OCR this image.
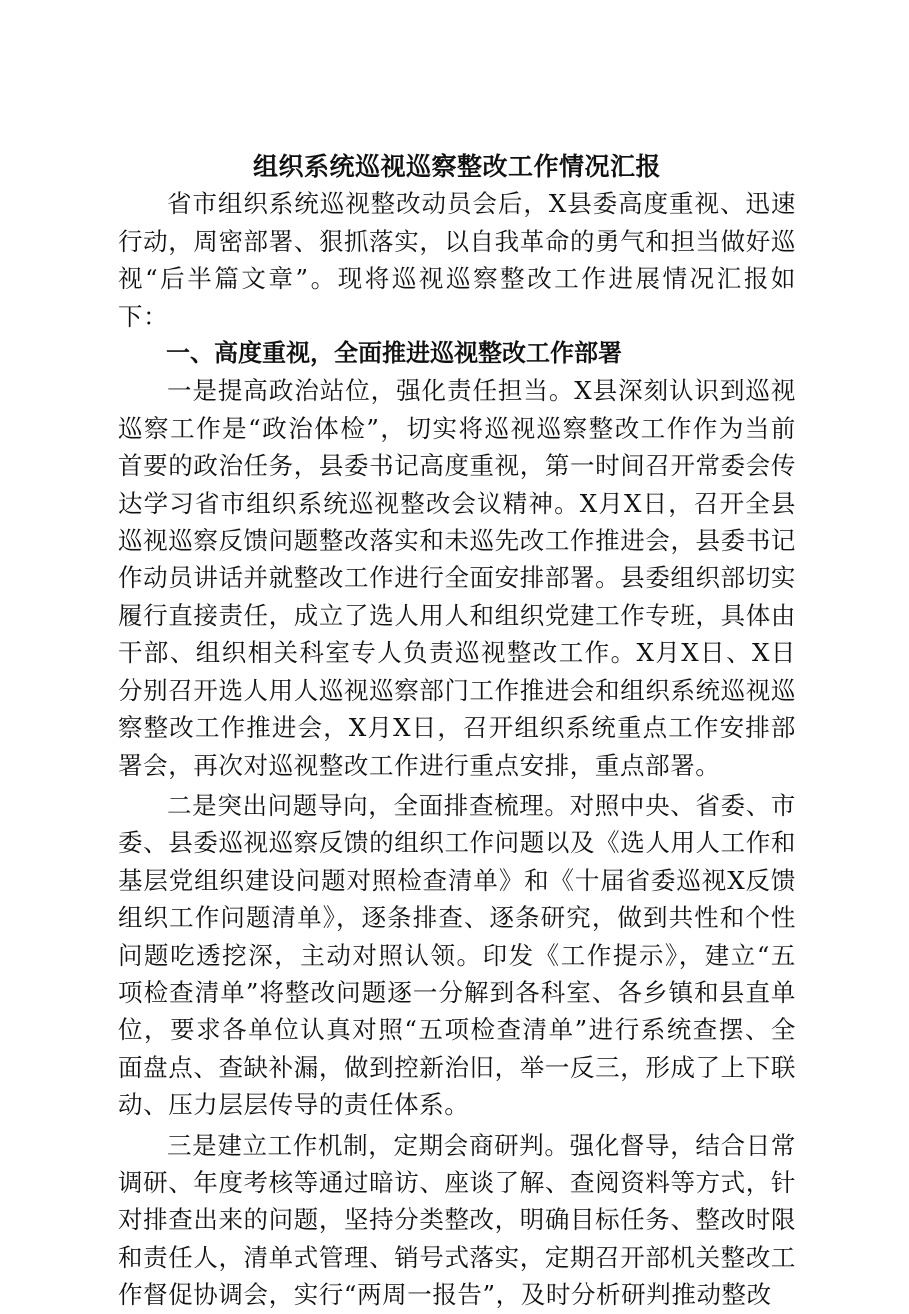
组织系统巡视巡察整改工作情况汇报

省市组织系统巡视整改动员会后，X县委高度重视、迅速行动，周密部署、狠抓落实，以自我革命的勇气和担当做好巡视“后半篇文章”。现将巡视巡察整改工作进展情况汇报如下：

一、高度重视，全面推进巡视整改工作部署

一是提高政治站位，强化责任担当。X县深刻认识到巡视巡察工作是“政治体检”，切实将巡视巡察整改工作作为当前首要的政治任务，县委书记高度重视，第一时间召开常委会传达学习省市组织系统巡视整改会议精神。X月X日，召开全县巡视巡察反馈问题整改落实和未巡先改工作推进会，县委书记作动员讲话并就整改工作进行全面安排部署。县委组织部切实履行直接责任，成立了选人用人和组织党建工作专班，具体由干部、组织相关科室专人负责巡视整改工作。X月X日、X日分别召开选人用人巡视巡察部门工作推进会和组织系统巡视巡察整改工作推进会，X月X日，召开组织系统重点工作安排部署会，再次对巡视整改工作进行重点安排，重点部署。

二是突出问题导向，全面排查梳理。对照中央、省委、市委、县委巡视巡察反馈的组织工作问题以及《选人用人工作和基层党组织建设问题对照检查清单》和《十届省委巡视X反馈组织工作问题清单》，逐条排查、逐条研究，做到共性和个性问题吃透挖深，主动对照认领。印发《工作提示》，建立“五项检查清单”将整改问题逐一分解到各科室、各乡镇和县直单位，要求各单位认真对照“五项检查清单”进行系统查摆、全面盘点、查缺补漏，做到控新治旧，举一反三，形成了上下联动、压力层层传导的责任体系。

三是建立工作机制，定期会商研判。强化督导，结合日常调研、年度考核等通过暗访、座谈了解、查阅资料等方式，针对排查出来的问题，坚持分类整改，明确目标任务、整改时限和责任人，清单式管理、销号式落实，定期召开部机关整改工作督促协调会，实行“两周一报告”，及时分析研判推动整改
